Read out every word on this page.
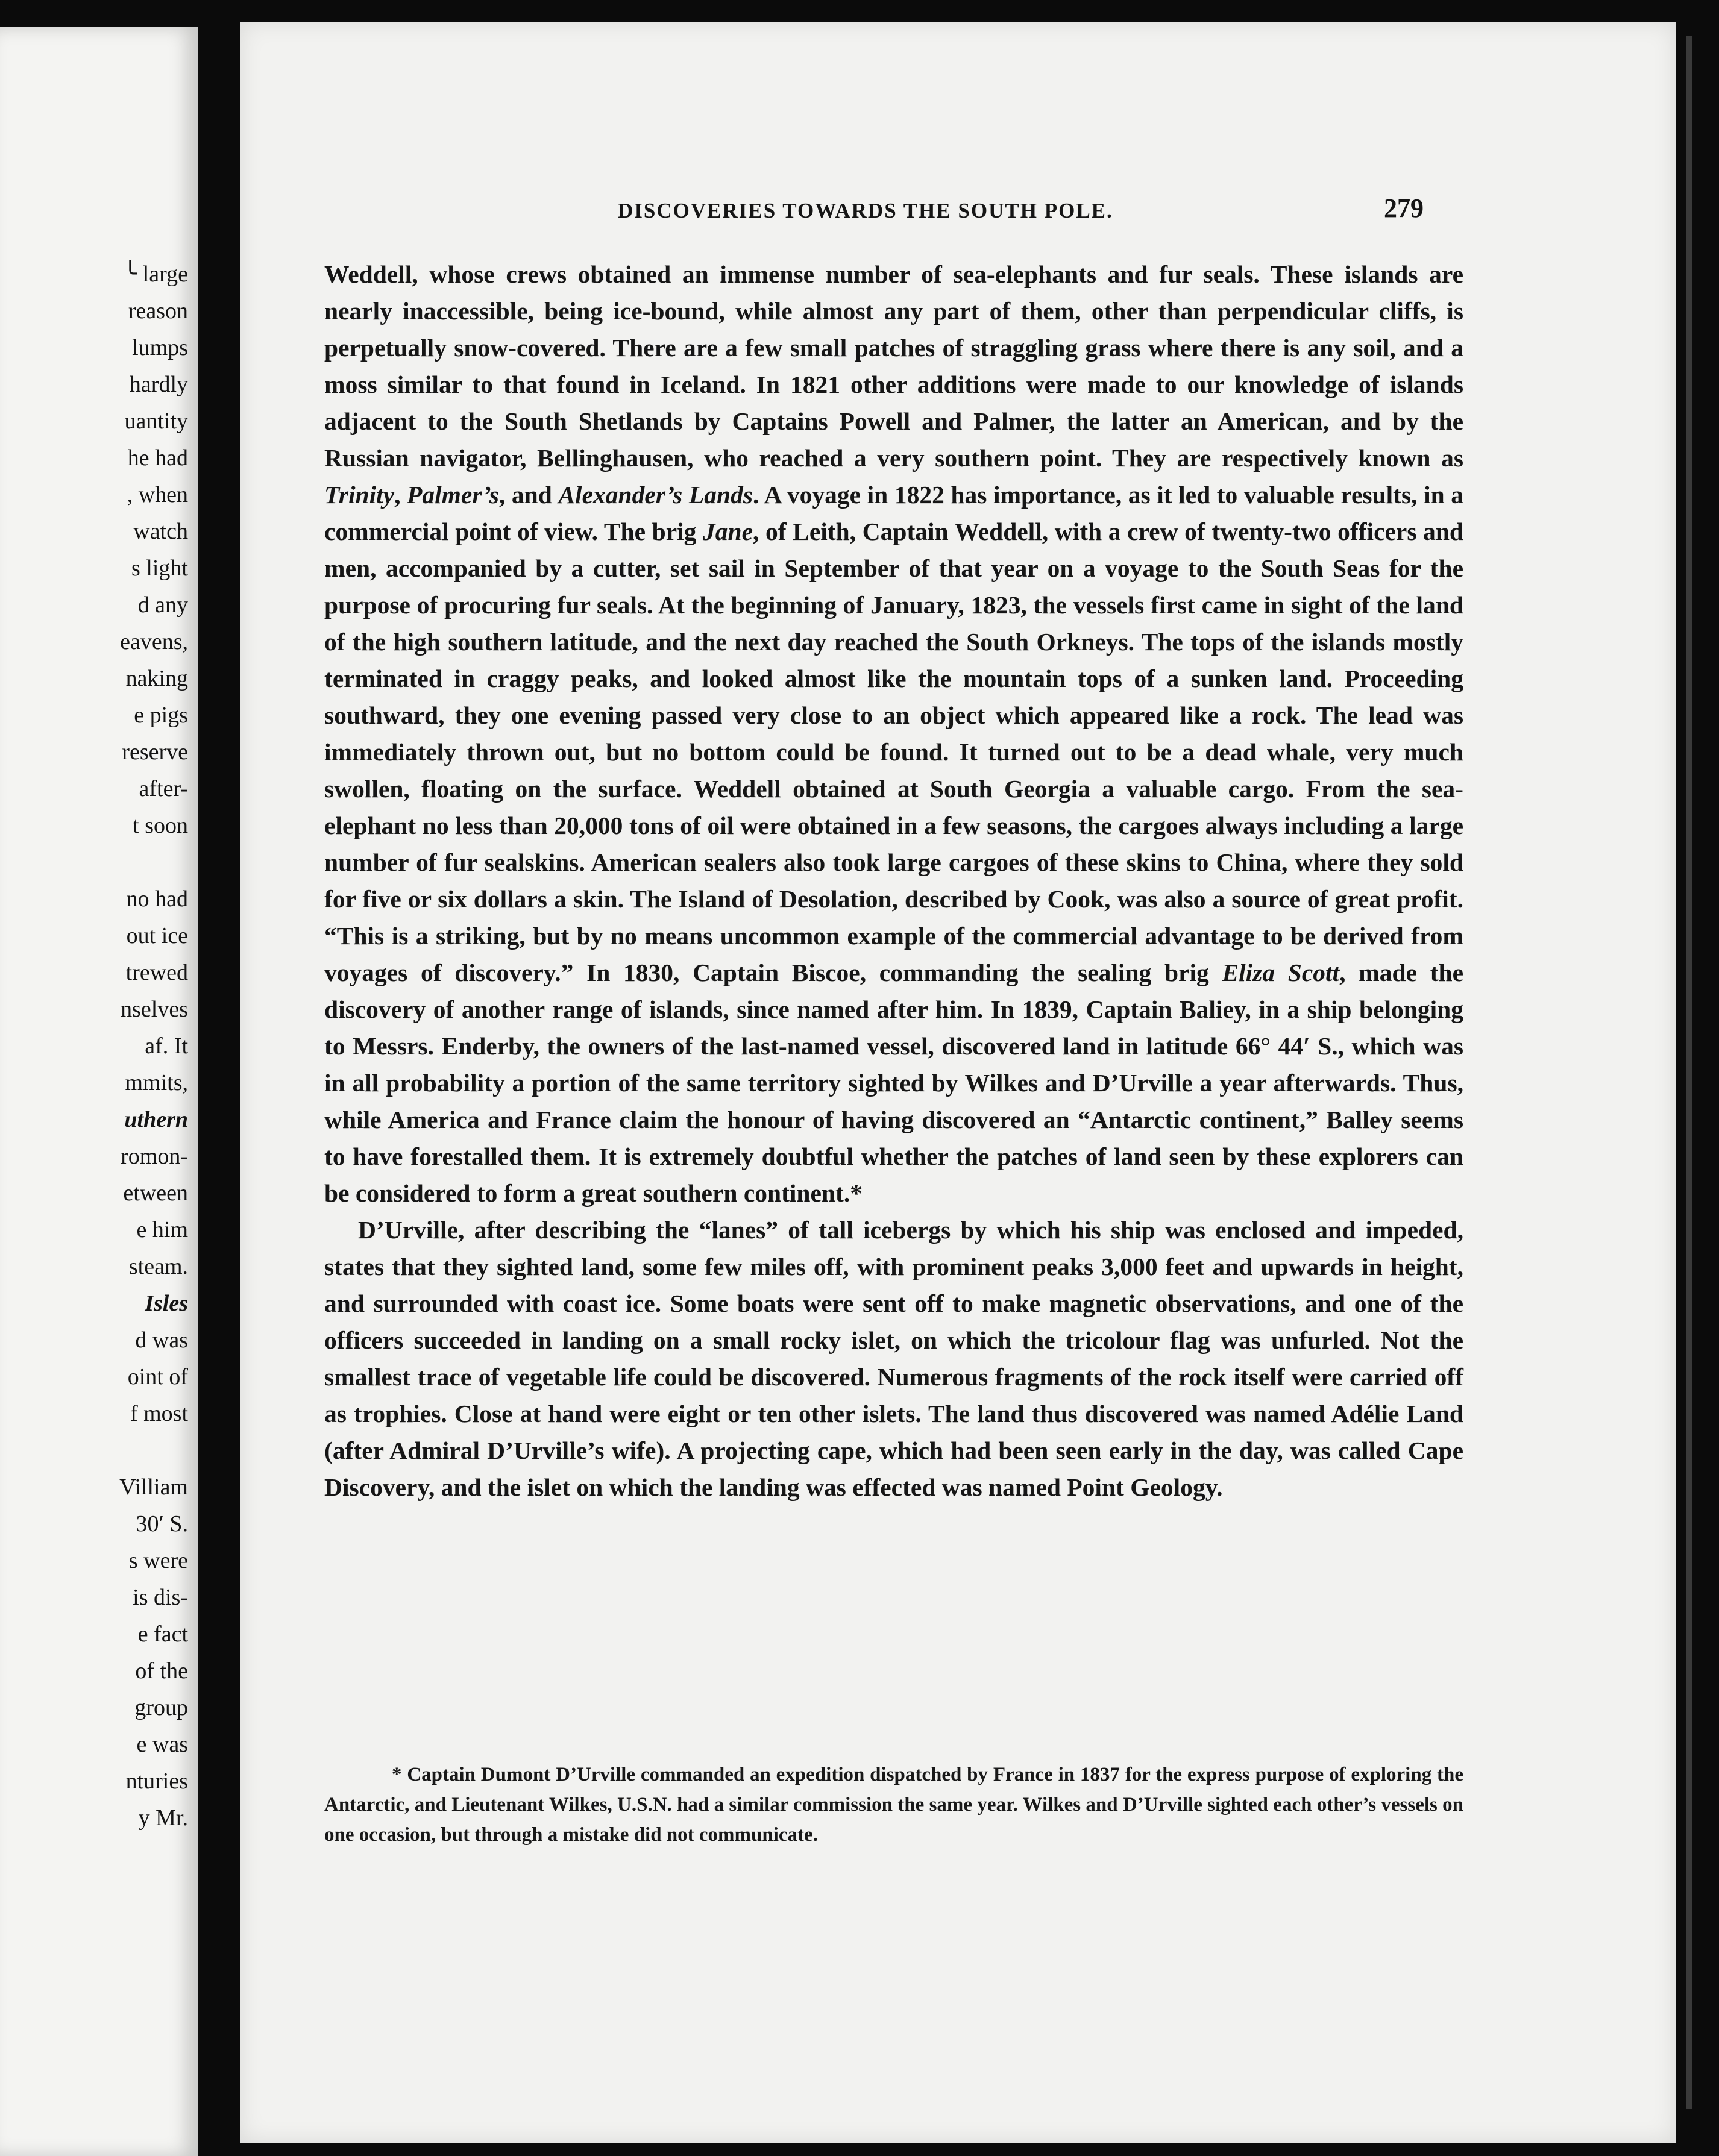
╰ large
reason
lumps
hardly
uantity
he had
, when
watch
s light
d any
eavens,
naking
e pigs
reserve
after-
t soon
no had
out ice
trewed
nselves
af. It
mmits,
uthern
romon-
etween
e him
steam.
Isles
d was
oint of
f most
Villiam
30′ S.
s were
is dis-
e fact
of the
group
e was
nturies
y Mr.
DISCOVERIES TOWARDS THE SOUTH POLE.	279

Weddell, whose crews obtained an immense number of sea-elephants and fur seals. These islands are nearly inaccessible, being ice-bound, while almost any part of them, other than perpendicular cliffs, is perpetually snow-covered. There are a few small patches of straggling grass where there is any soil, and a moss similar to that found in Iceland. In 1821 other additions were made to our knowledge of islands adjacent to the South Shetlands by Captains Powell and Palmer, the latter an American, and by the Russian navigator, Bellinghausen, who reached a very southern point. They are respectively known as Trinity, Palmer’s, and Alexander’s Lands. A voyage in 1822 has importance, as it led to valuable results, in a commercial point of view. The brig Jane, of Leith, Captain Weddell, with a crew of twenty-two officers and men, accompanied by a cutter, set sail in September of that year on a voyage to the South Seas for the purpose of procuring fur seals. At the beginning of January, 1823, the vessels first came in sight of the land of the high southern latitude, and the next day reached the South Orkneys. The tops of the islands mostly terminated in craggy peaks, and looked almost like the mountain tops of a sunken land. Proceeding southward, they one evening passed very close to an object which appeared like a rock. The lead was immediately thrown out, but no bottom could be found. It turned out to be a dead whale, very much swollen, floating on the surface. Weddell obtained at South Georgia a valuable cargo. From the sea-elephant no less than 20,000 tons of oil were obtained in a few seasons, the cargoes always including a large number of fur sealskins. American sealers also took large cargoes of these skins to China, where they sold for five or six dollars a skin. The Island of Desolation, described by Cook, was also a source of great profit. “This is a striking, but by no means uncommon example of the commercial advantage to be derived from voyages of discovery.” In 1830, Captain Biscoe, commanding the sealing brig Eliza Scott, made the discovery of another range of islands, since named after him. In 1839, Captain Baliey, in a ship belonging to Messrs. Enderby, the owners of the last-named vessel, discovered land in latitude 66° 44′ S., which was in all probability a portion of the same territory sighted by Wilkes and D’Urville a year afterwards. Thus, while America and France claim the honour of having discovered an “Antarctic continent,” Balley seems to have forestalled them. It is extremely doubtful whether the patches of land seen by these explorers can be considered to form a great southern continent.*

D’Urville, after describing the “lanes” of tall icebergs by which his ship was enclosed and impeded, states that they sighted land, some few miles off, with prominent peaks 3,000 feet and upwards in height, and surrounded with coast ice. Some boats were sent off to make magnetic observations, and one of the officers succeeded in landing on a small rocky islet, on which the tricolour flag was unfurled. Not the smallest trace of vegetable life could be discovered. Numerous fragments of the rock itself were carried off as trophies. Close at hand were eight or ten other islets. The land thus discovered was named Adélie Land (after Admiral D’Urville’s wife). A projecting cape, which had been seen early in the day, was called Cape Discovery, and the islet on which the landing was effected was named Point Geology.

* Captain Dumont D’Urville commanded an expedition dispatched by France in 1837 for the express purpose of exploring the Antarctic, and Lieutenant Wilkes, U.S.N. had a similar commission the same year. Wilkes and D’Urville sighted each other’s vessels on one occasion, but through a mistake did not communicate.
